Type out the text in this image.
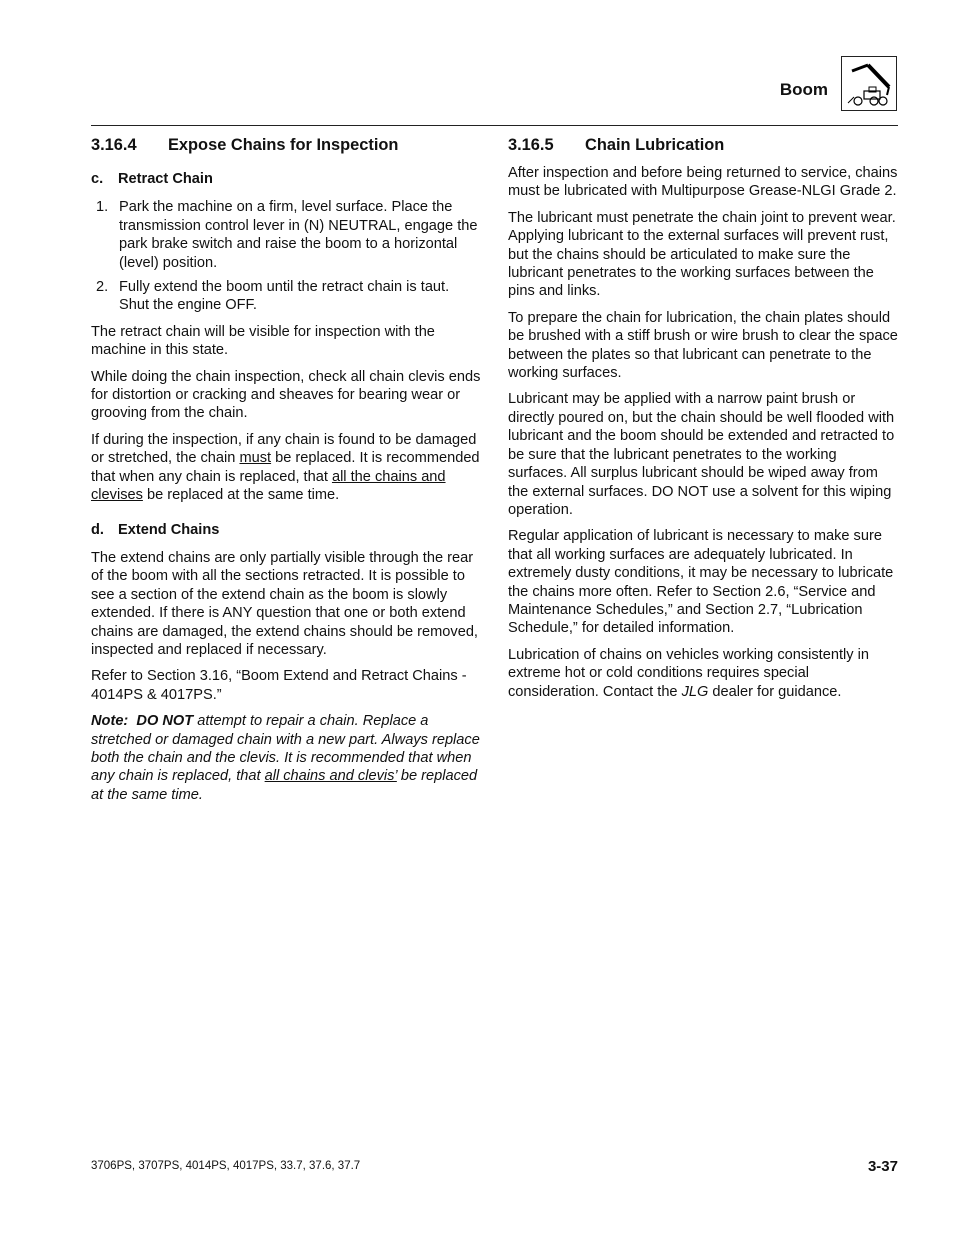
Boom
3.16.4 Expose Chains for Inspection
c. Retract Chain
1. Park the machine on a firm, level surface. Place the transmission control lever in (N) NEUTRAL, engage the park brake switch and raise the boom to a horizontal (level) position.
2. Fully extend the boom until the retract chain is taut. Shut the engine OFF.

The retract chain will be visible for inspection with the machine in this state.

While doing the chain inspection, check all chain clevis ends for distortion or cracking and sheaves for bearing wear or grooving from the chain.

If during the inspection, if any chain is found to be damaged or stretched, the chain must be replaced. It is recommended that when any chain is replaced, that all the chains and clevises be replaced at the same time.

d. Extend Chains

The extend chains are only partially visible through the rear of the boom with all the sections retracted. It is possible to see a section of the extend chain as the boom is slowly extended. If there is ANY question that one or both extend chains are damaged, the extend chains should be removed, inspected and replaced if necessary.

Refer to Section 3.16, “Boom Extend and Retract Chains - 4014PS & 4017PS.”

Note: DO NOT attempt to repair a chain. Replace a stretched or damaged chain with a new part. Always replace both the chain and the clevis. It is recommended that when any chain is replaced, that all chains and clevis’ be replaced at the same time.

3.16.5 Chain Lubrication

After inspection and before being returned to service, chains must be lubricated with Multipurpose Grease-NLGI Grade 2.

The lubricant must penetrate the chain joint to prevent wear. Applying lubricant to the external surfaces will prevent rust, but the chains should be articulated to make sure the lubricant penetrates to the working surfaces between the pins and links.

To prepare the chain for lubrication, the chain plates should be brushed with a stiff brush or wire brush to clear the space between the plates so that lubricant can penetrate to the working surfaces.

Lubricant may be applied with a narrow paint brush or directly poured on, but the chain should be well flooded with lubricant and the boom should be extended and retracted to be sure that the lubricant penetrates to the working surfaces. All surplus lubricant should be wiped away from the external surfaces. DO NOT use a solvent for this wiping operation.

Regular application of lubricant is necessary to make sure that all working surfaces are adequately lubricated. In extremely dusty conditions, it may be necessary to lubricate the chains more often. Refer to Section 2.6, “Service and Maintenance Schedules,” and Section 2.7, “Lubrication Schedule,” for detailed information.

Lubrication of chains on vehicles working consistently in extreme hot or cold conditions requires special consideration. Contact the JLG dealer for guidance.

3706PS, 3707PS, 4014PS, 4017PS, 33.7, 37.6, 37.7	3-37
